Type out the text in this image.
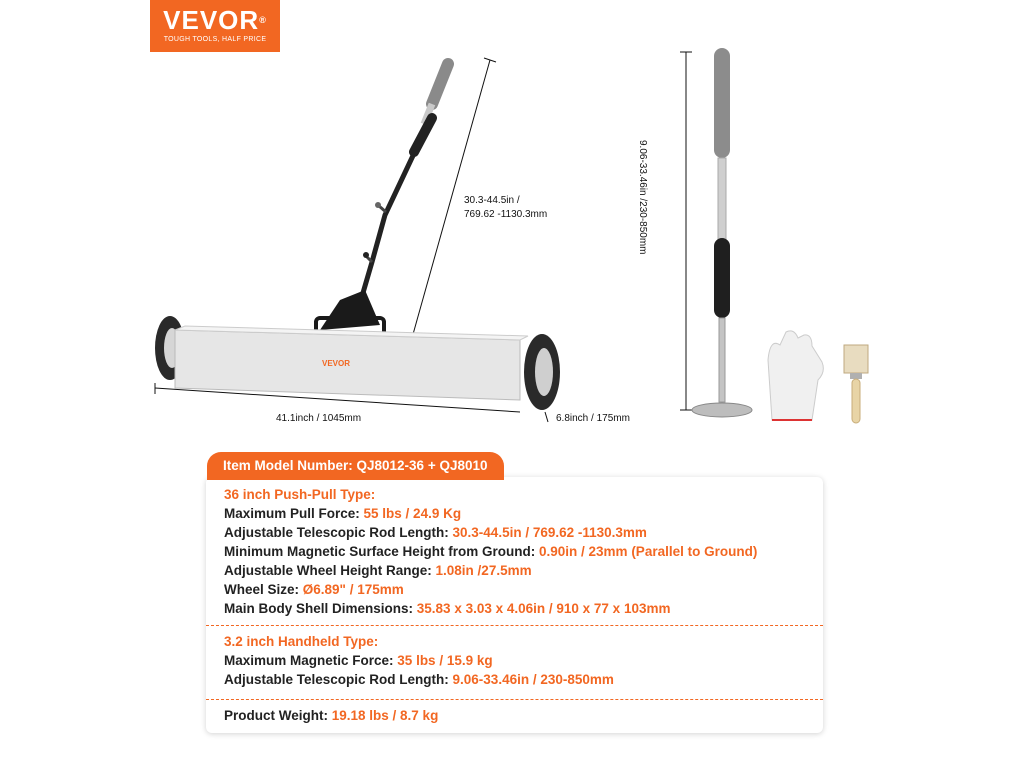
VEVOR®
TOUGH TOOLS, HALF PRICE
VEVOR
30.3-44.5in /
769.62 -1130.3mm
41.1inch / 1045mm	6.8inch / 175mm
9.06-33.46in /230-850mm
36 inch Push-Pull Type:
Maximum Pull Force: 55 lbs / 24.9 Kg
Adjustable Telescopic Rod Length: 30.3-44.5in / 769.62 -1130.3mm
Minimum Magnetic Surface Height from Ground: 0.90in / 23mm (Parallel to Ground)
Adjustable Wheel Height Range: 1.08in /27.5mm
Wheel Size: Ø6.89" / 175mm
Main Body Shell Dimensions: 35.83 x 3.03 x 4.06in / 910 x 77 x 103mm
3.2 inch Handheld Type:
Maximum Magnetic Force: 35 lbs / 15.9 kg
Adjustable Telescopic Rod Length: 9.06-33.46in / 230-850mm
Product Weight: 19.18 lbs / 8.7 kg
Item Model Number: QJ8012-36 + QJ8010
